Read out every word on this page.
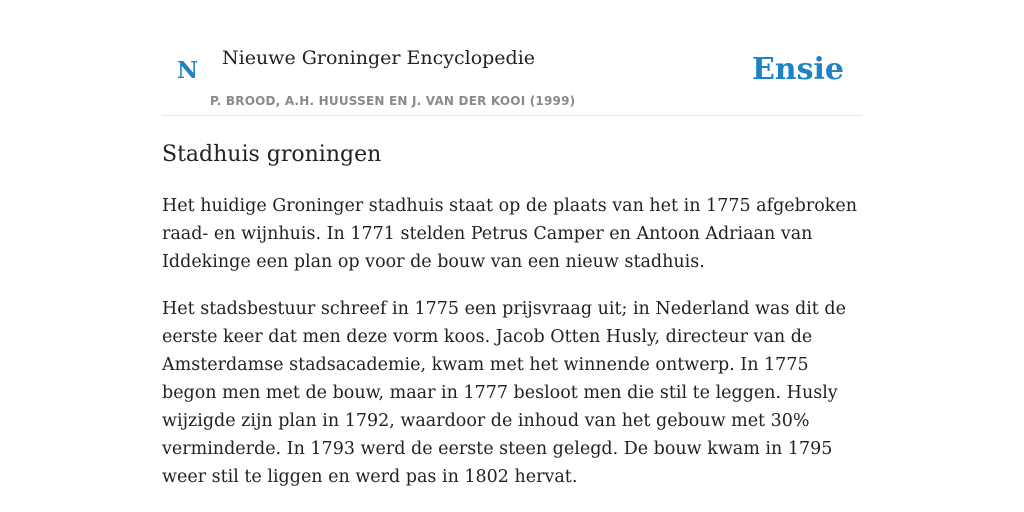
N Nieuwe Groninger Encyclopedie
P. BROOD, A.H. HUUSSEN EN J. VAN DER KOOI (1999)
Ensie
Stadhuis groningen

Het huidige Groninger stadhuis staat op de plaats van het in 1775 afgebroken raad- en wijnhuis. In 1771 stelden Petrus Camper en Antoon Adriaan van Iddekinge een plan op voor de bouw van een nieuw stadhuis.

Het stadsbestuur schreef in 1775 een prijsvraag uit; in Nederland was dit de eerste keer dat men deze vorm koos. Jacob Otten Husly, directeur van de Amsterdamse stadsacademie, kwam met het winnende ontwerp. In 1775 begon men met de bouw, maar in 1777 besloot men die stil te leggen. Husly wijzigde zijn plan in 1792, waardoor de inhoud van het gebouw met 30% verminderde. In 1793 werd de eerste steen gelegd. De bouw kwam in 1795 weer stil te liggen en werd pas in 1802 hervat.
